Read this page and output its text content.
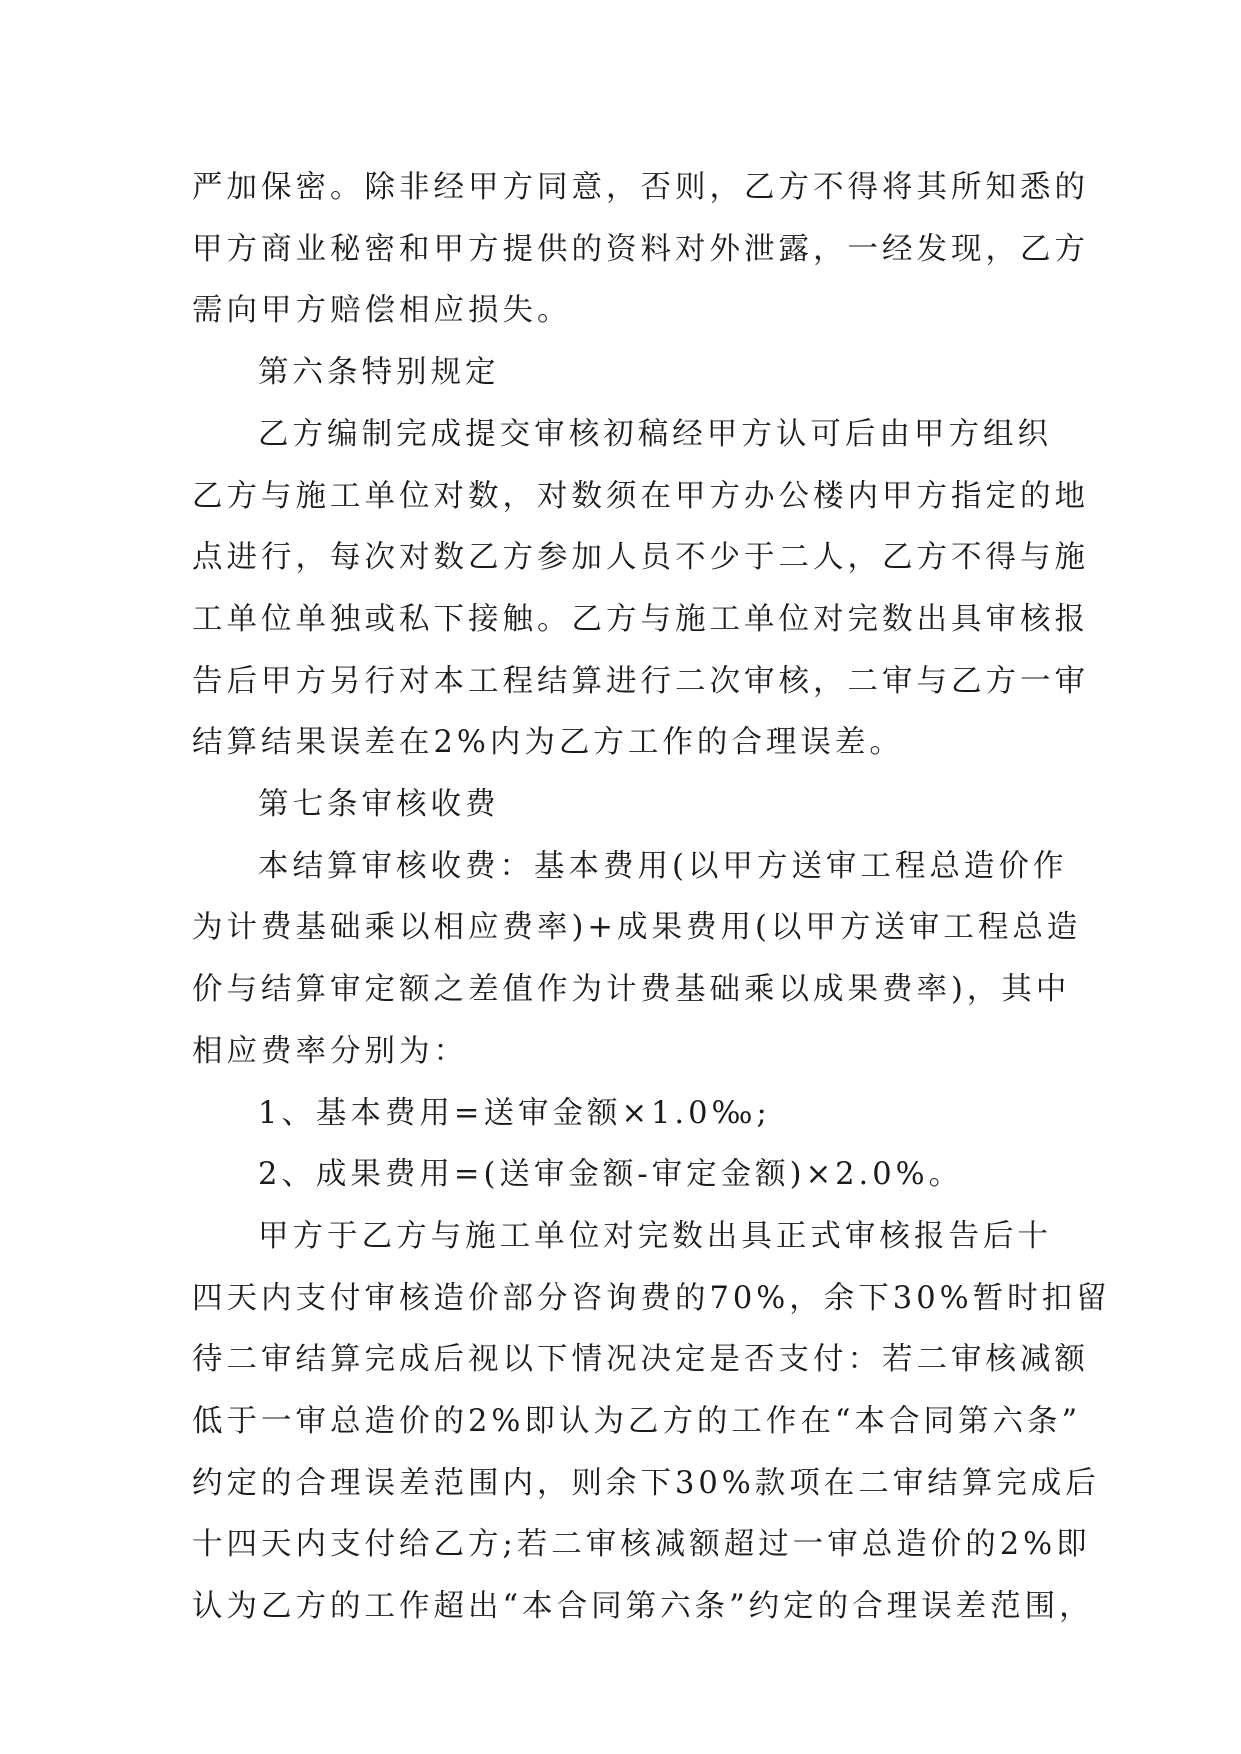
严加保密。除非经甲方同意，否则，乙方不得将其所知悉的
甲方商业秘密和甲方提供的资料对外泄露，一经发现，乙方
需向甲方赔偿相应损失。

第六条特别规定

乙方编制完成提交审核初稿经甲方认可后由甲方组织
乙方与施工单位对数，对数须在甲方办公楼内甲方指定的地
点进行，每次对数乙方参加人员不少于二人，乙方不得与施
工单位单独或私下接触。乙方与施工单位对完数出具审核报
告后甲方另行对本工程结算进行二次审核，二审与乙方一审
结算结果误差在2%内为乙方工作的合理误差。

第七条审核收费

本结算审核收费：基本费用(以甲方送审工程总造价作
为计费基础乘以相应费率)+成果费用(以甲方送审工程总造
价与结算审定额之差值作为计费基础乘以成果费率)，其中
相应费率分别为：

1、基本费用=送审金额×1.0‰;

2、成果费用=(送审金额-审定金额)×2.0%。

甲方于乙方与施工单位对完数出具正式审核报告后十
四天内支付审核造价部分咨询费的70%，余下30%暂时扣留
待二审结算完成后视以下情况决定是否支付：若二审核减额
低于一审总造价的2%即认为乙方的工作在“本合同第六条”
约定的合理误差范围内，则余下30%款项在二审结算完成后
十四天内支付给乙方;若二审核减额超过一审总造价的2%即
认为乙方的工作超出“本合同第六条”约定的合理误差范围，
